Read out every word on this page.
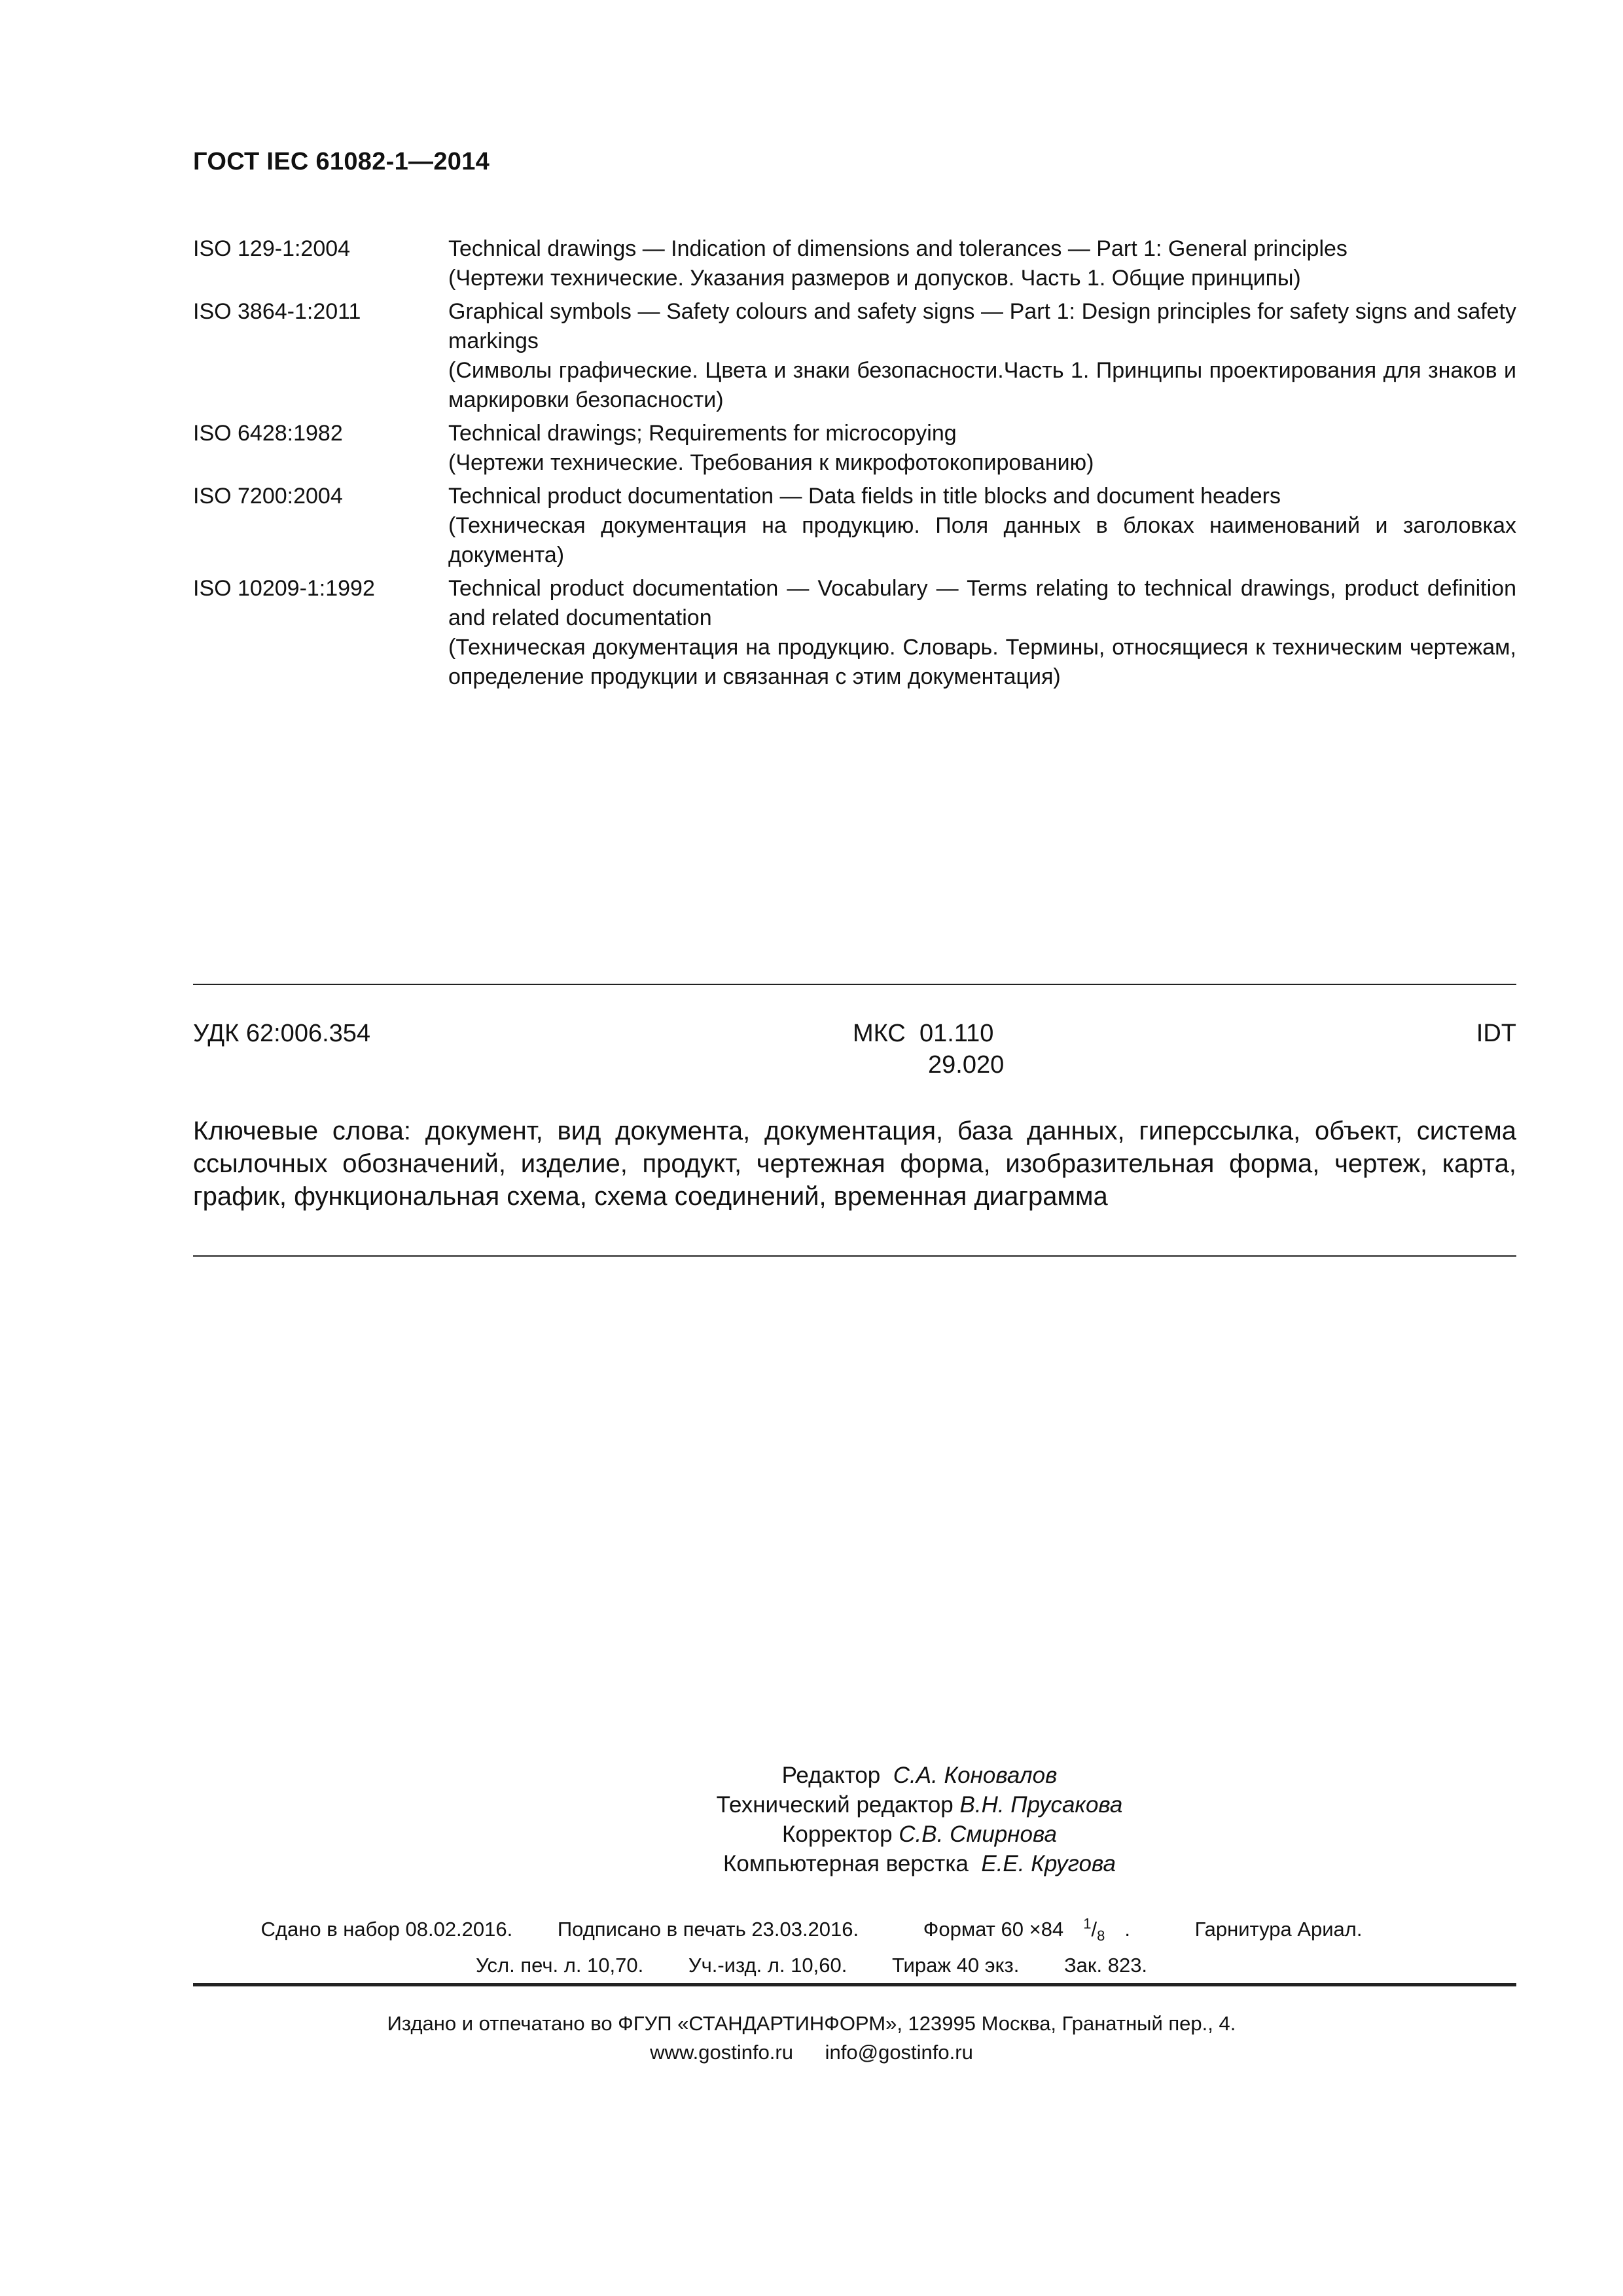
ГОСТ IEC 61082-1—2014
ISO 129-1:2004	Technical drawings — Indication of dimensions and tolerances — Part 1: General principles
(Чертежи технические. Указания размеров и допусков. Часть 1. Общие принципы)
ISO 3864-1:2011	Graphical symbols — Safety colours and safety signs — Part 1: Design principles for safety signs and safety markings
(Символы графические. Цвета и знаки безопасности.Часть 1. Принципы проектирования для знаков и маркировки безопасности)
ISO 6428:1982	Technical drawings; Requirements for microcopying
(Чертежи технические. Требования к микрофотокопированию)
ISO 7200:2004	Technical product documentation — Data fields in title blocks and document headers
(Техническая документация на продукцию. Поля данных в блоках наименований и заголовках документа)
ISO 10209-1:1992	Technical product documentation — Vocabulary — Terms relating to technical drawings, product definition and related documentation
(Техническая документация на продукцию. Словарь. Термины, относящиеся к техническим чертежам, определение продукции и связанная с этим документация)
УДК 62:006.354	МКС 01.110
29.020
IDT
Ключевые слова: документ, вид документа, документация, база данных, гиперссылка, объект, система ссылочных обозначений, изделие, продукт, чертежная форма, изобразительная форма, чертеж, карта, график, функциональная схема, схема соединений, временная диаграмма
Редактор С.А. Коновалов
Технический редактор В.Н. Прусакова
Корректор С.В. Смирнова
Компьютерная верстка Е.Е. Кругова
Сдано в набор 08.02.2016. Подписано в печать 23.03.2016.	Формат 60 ×84 $^1/_8$ .	Гарнитура Ариал.
Усл. печ. л. 10,70. Уч.-изд. л. 10,60. Тираж 40 экз. Зак. 823.
Издано и отпечатано во ФГУП «СТАНДАРТИНФОРМ», 123995 Москва, Гранатный пер., 4.
www.gostinfo.ru info@gostinfo.ru
